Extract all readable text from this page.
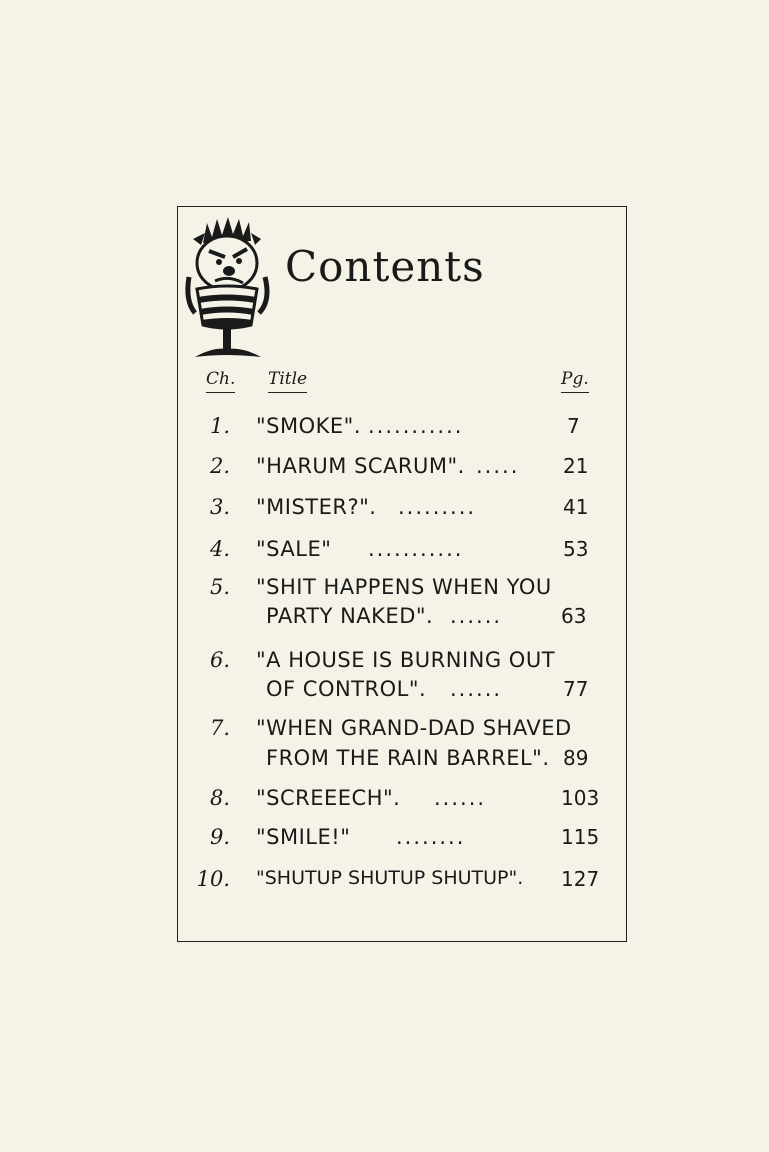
Contents
Ch. Title	Pg.
1. "SMOKE". ...........	7
2. "HARUM SCARUM". ..... 21
3. "MISTER?". .........	41
4. "SALE" ...........	53
5. "SHIT HAPPENS WHEN YOU
PARTY NAKED". ......	63
6. "A HOUSE IS BURNING OUT
OF CONTROL". ......	77
7. "WHEN GRAND-DAD SHAVED
FROM THE RAIN BARREL". 89
8. "SCREEECH". ......	103
9. "SMILE!" ........	115
10. "SHUTUP SHUTUP SHUTUP". 127
